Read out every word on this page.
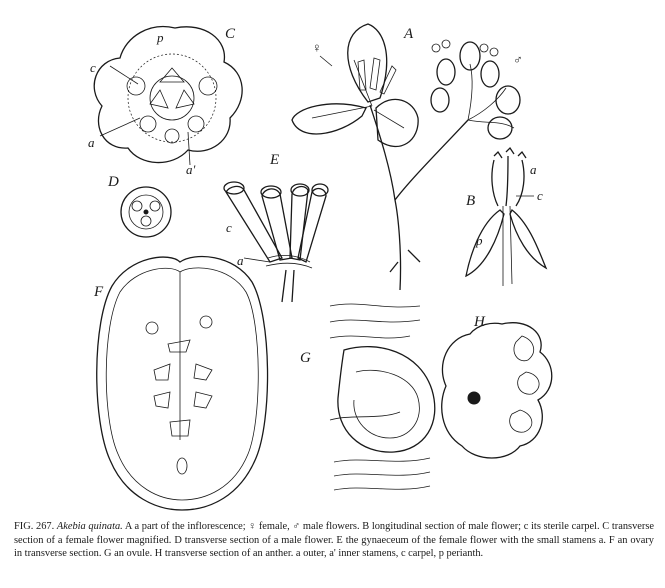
p	C
c
a
a'
D
A
♀
♂
B
a
c
p
E
c
a
F
G
H
FIG. 267. Akebia quinata. A a part of the inflorescence; ♀ female, ♂ male flowers. B longitudinal section of male flower; c its sterile carpel. C transverse section of a female flower magnified. D transverse section of a male flower. E the gynaeceum of the female flower with the small stamens a. F an ovary in transverse section. G an ovule. H transverse section of an anther. a outer, a' inner stamens, c carpel, p perianth.
